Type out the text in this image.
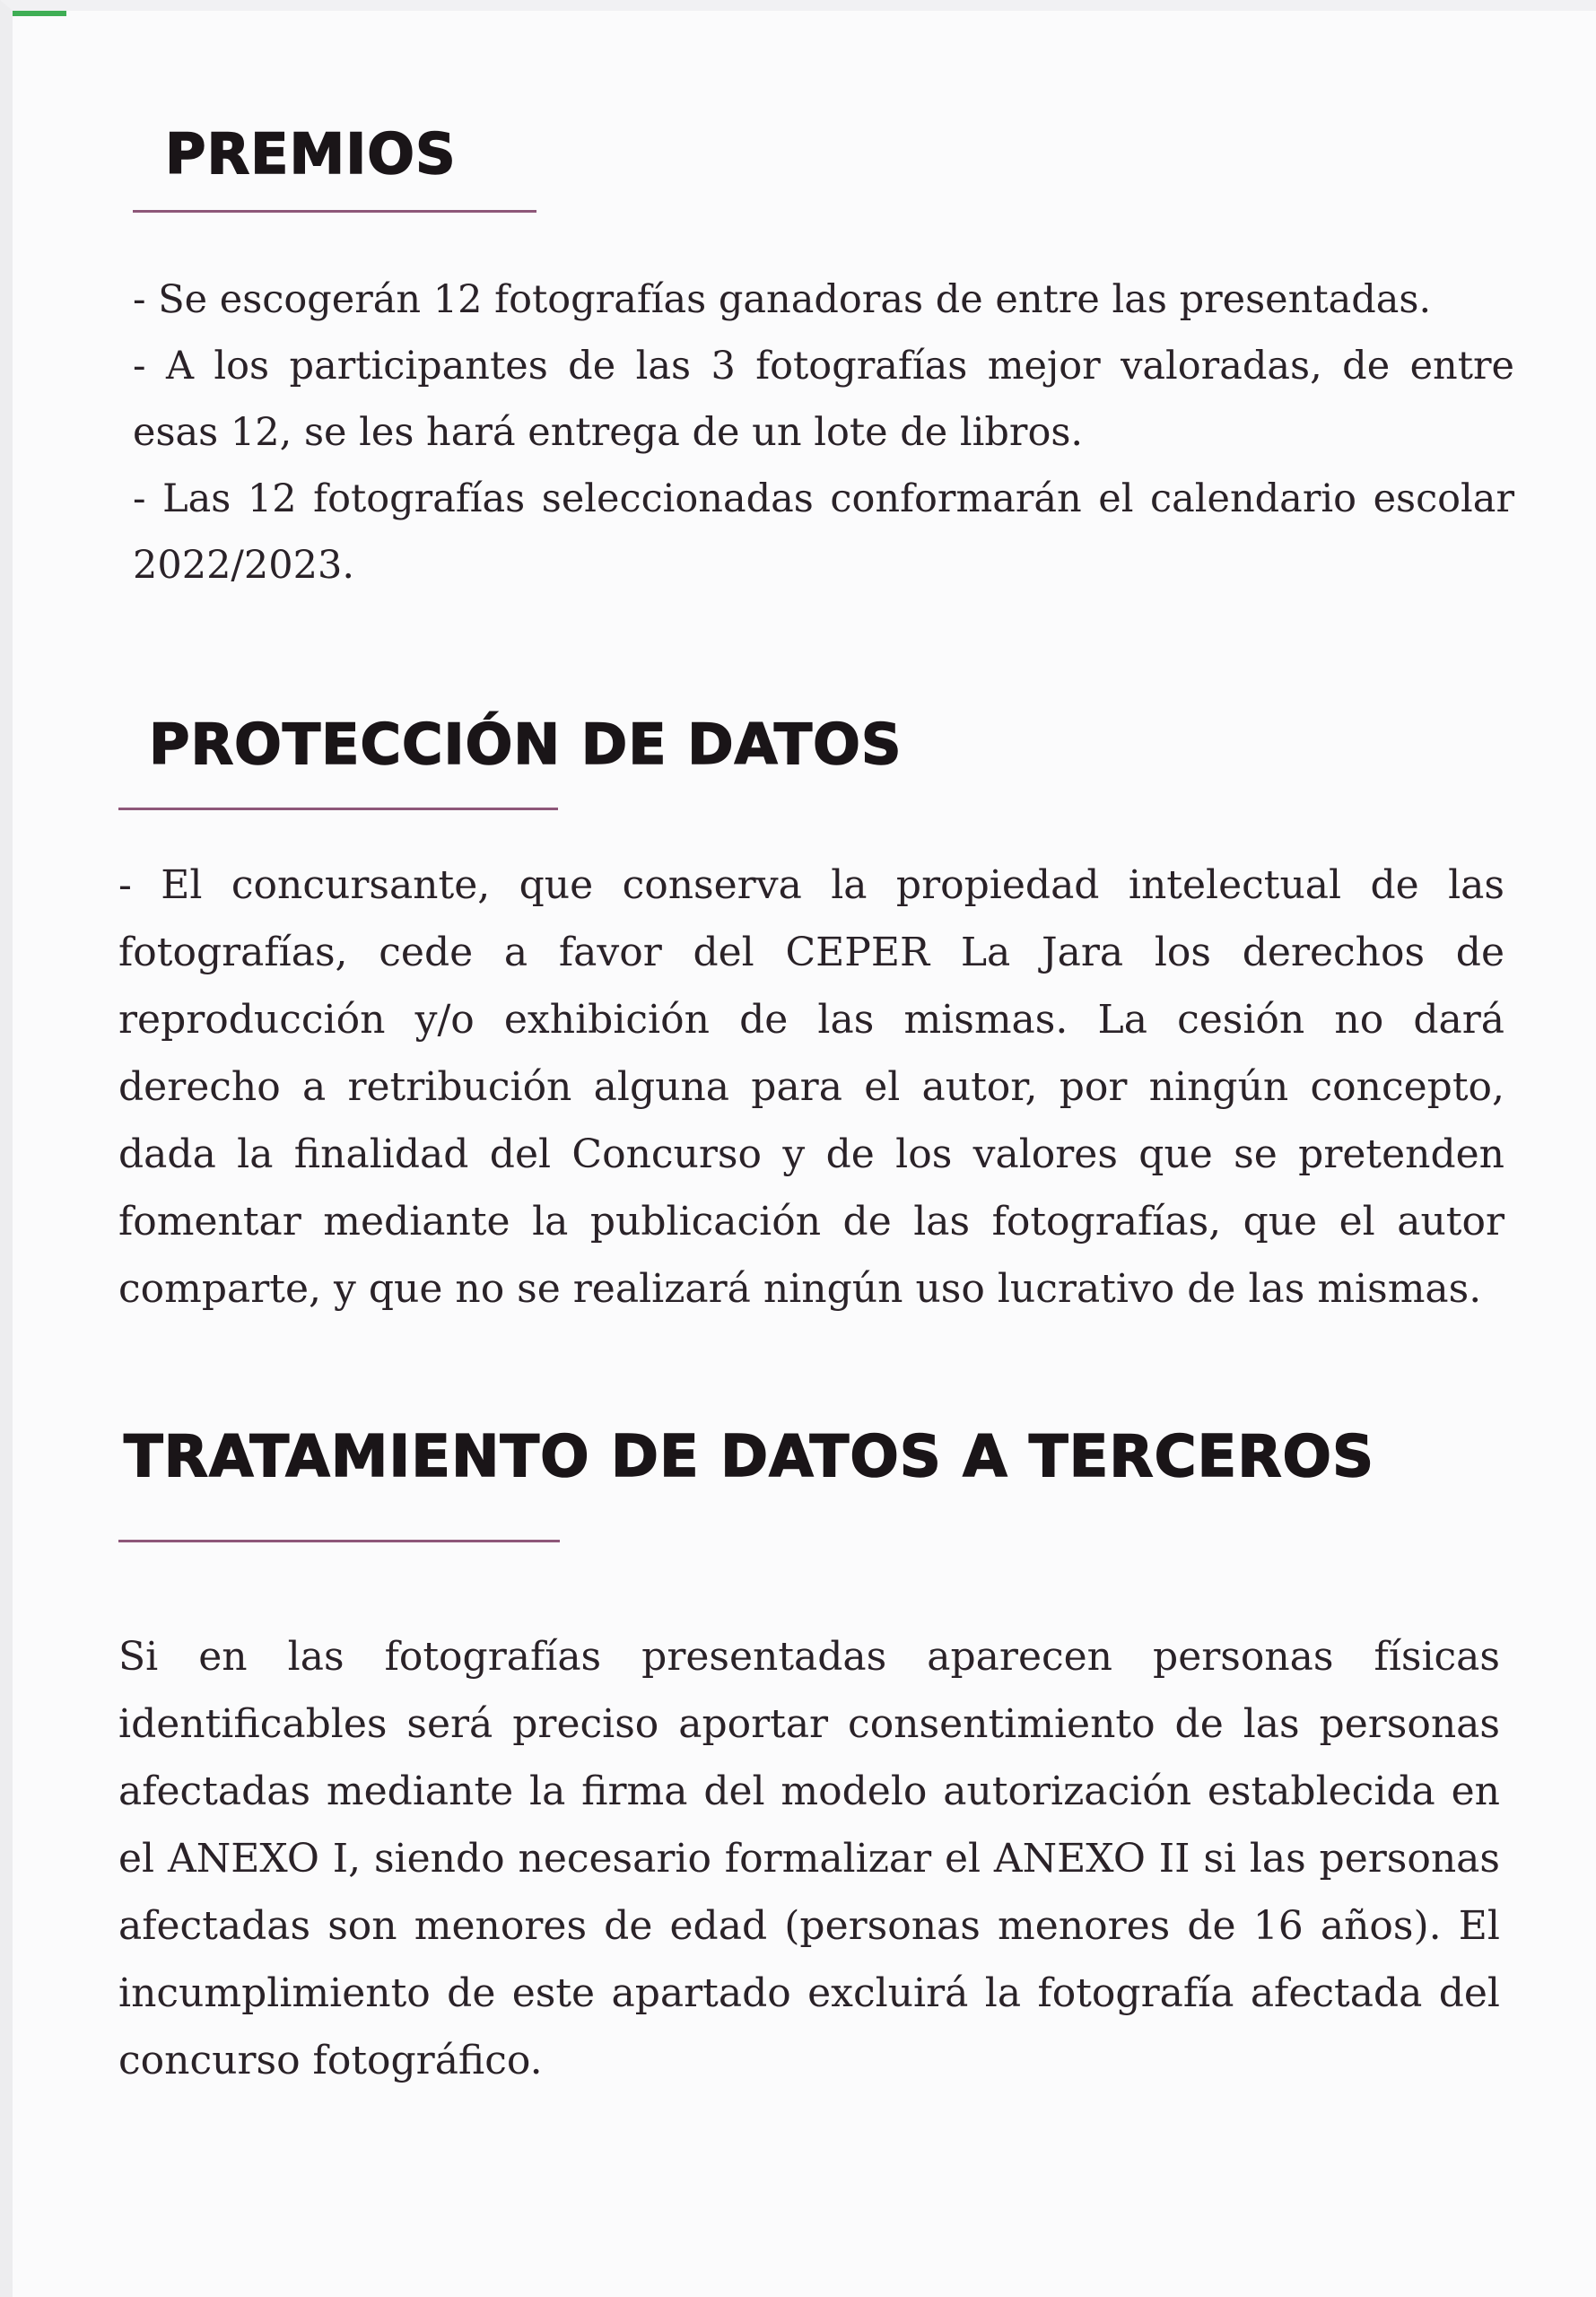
PREMIOS
- Se escogerán 12 fotografías ganadoras de entre las presentadas.
- A los participantes de las 3 fotografías mejor valoradas, de entre esas 12, se les hará entrega de un lote de libros.
- Las 12 fotografías seleccionadas conformarán el calendario escolar 2022/2023.
PROTECCIÓN DE DATOS

- El concursante, que conserva la propiedad intelectual de las fotografías, cede a favor del CEPER La Jara los derechos de reproducción y/o exhibición de las mismas. La cesión no dará derecho a retribución alguna para el autor, por ningún concepto, dada la finalidad del Concurso y de los valores que se pretenden fomentar mediante la publicación de las fotografías, que el autor comparte, y que no se realizará ningún uso lucrativo de las mismas.

TRATAMIENTO DE DATOS A TERCEROS

Si en las fotografías presentadas aparecen personas físicas identificables será preciso aportar consentimiento de las personas afectadas mediante la firma del modelo autorización establecida en el ANEXO I, siendo necesario formalizar el ANEXO II si las personas afectadas son menores de edad (personas menores de 16 años). El incumplimiento de este apartado excluirá la fotografía afectada del concurso fotográfico.
